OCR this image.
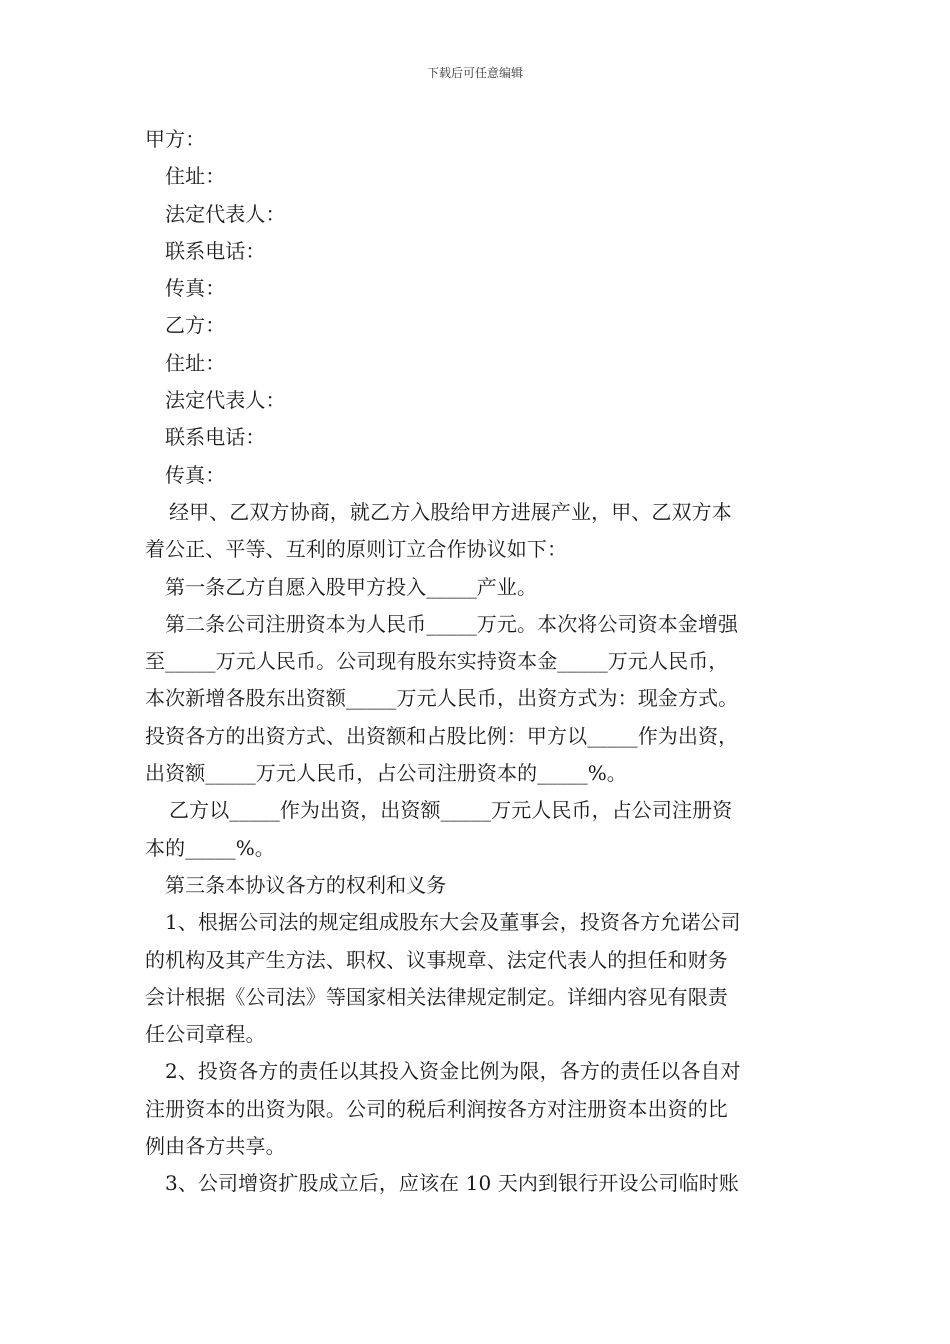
下载后可任意编辑
甲方：
住址：
法定代表人：
联系电话：
传真：
乙方：
住址：
法定代表人：
联系电话：
传真：
经甲、乙双方协商，就乙方入股给甲方进展产业，甲、乙双方本
着公正、平等、互利的原则订立合作协议如下：
第一条乙方自愿入股甲方投入_____产业。
第二条公司注册资本为人民币_____万元。本次将公司资本金增强
至_____万元人民币。公司现有股东实持资本金_____万元人民币，
本次新增各股东出资额_____万元人民币，出资方式为：现金方式。
投资各方的出资方式、出资额和占股比例：甲方以_____作为出资，
出资额_____万元人民币，占公司注册资本的_____%。
乙方以_____作为出资，出资额_____万元人民币，占公司注册资
本的_____%。
第三条本协议各方的权利和义务
1、根据公司法的规定组成股东大会及董事会，投资各方允诺公司
的机构及其产生方法、职权、议事规章、法定代表人的担任和财务
会计根据《公司法》等国家相关法律规定制定。详细内容见有限责
任公司章程。
2、投资各方的责任以其投入资金比例为限，各方的责任以各自对
注册资本的出资为限。公司的税后利润按各方对注册资本出资的比
例由各方共享。
3、公司增资扩股成立后，应该在 10 天内到银行开设公司临时账
